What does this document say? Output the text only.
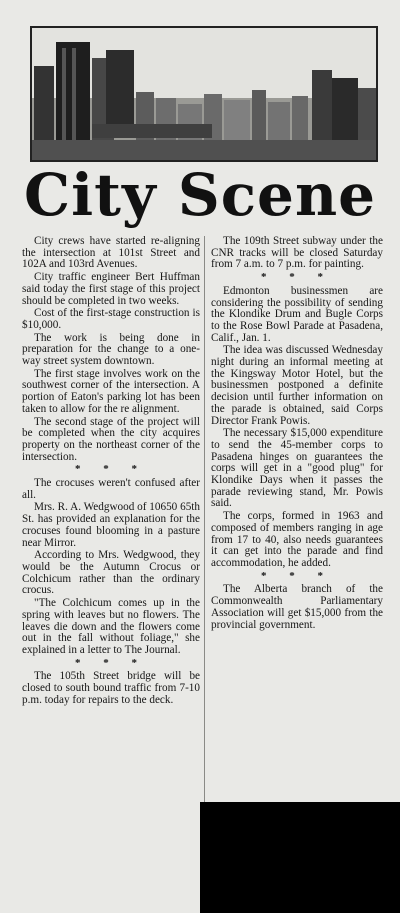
City Scene
City crews have started re-aligning the intersection at 101st Street and 102A and 103rd Avenues.
City traffic engineer Bert Huffman said today the first stage of this project should be completed in two weeks.
Cost of the first-stage construction is $10,000.
The work is being done in preparation for the change to a one-way street system downtown.
The first stage involves work on the southwest corner of the intersection. A portion of Eaton's parking lot has been taken to allow for the re alignment.
The second stage of the project will be completed when the city acquires property on the northeast corner of the intersection.
* * *
The crocuses weren't confused after all.
Mrs. R. A. Wedgwood of 10650 65th St. has provided an explanation for the crocuses found blooming in a pasture near Mirror.
According to Mrs. Wedgwood, they would be the Autumn Crocus or Colchicum rather than the ordinary crocus.
"The Colchicum comes up in the spring with leaves but no flowers. The leaves die down and the flowers come out in the fall without foliage," she explained in a letter to The Journal.
* * *
The 105th Street bridge will be closed to south bound traffic from 7-10 p.m. today for repairs to the deck.
The 109th Street subway under the CNR tracks will be closed Saturday from 7 a.m. to 7 p.m. for painting.
* * *
Edmonton businessmen are considering the possibility of sending the Klondike Drum and Bugle Corps to the Rose Bowl Parade at Pasadena, Calif., Jan. 1.
The idea was discussed Wednesday night during an informal meeting at the Kingsway Motor Hotel, but the businessmen postponed a definite decision until further information on the parade is obtained, said Corps Director Frank Powis.
The necessary $15,000 expenditure to send the 45-member corps to Pasadena hinges on guarantees the corps will get in a "good plug" for Klondike Days when it passes the parade reviewing stand, Mr. Powis said.
The corps, formed in 1963 and composed of members ranging in age from 17 to 40, also needs guarantees it can get into the parade and find accommodation, he added.
* * *
The Alberta branch of the Commonwealth Parliamentary Association will get $15,000 from the provincial government.
